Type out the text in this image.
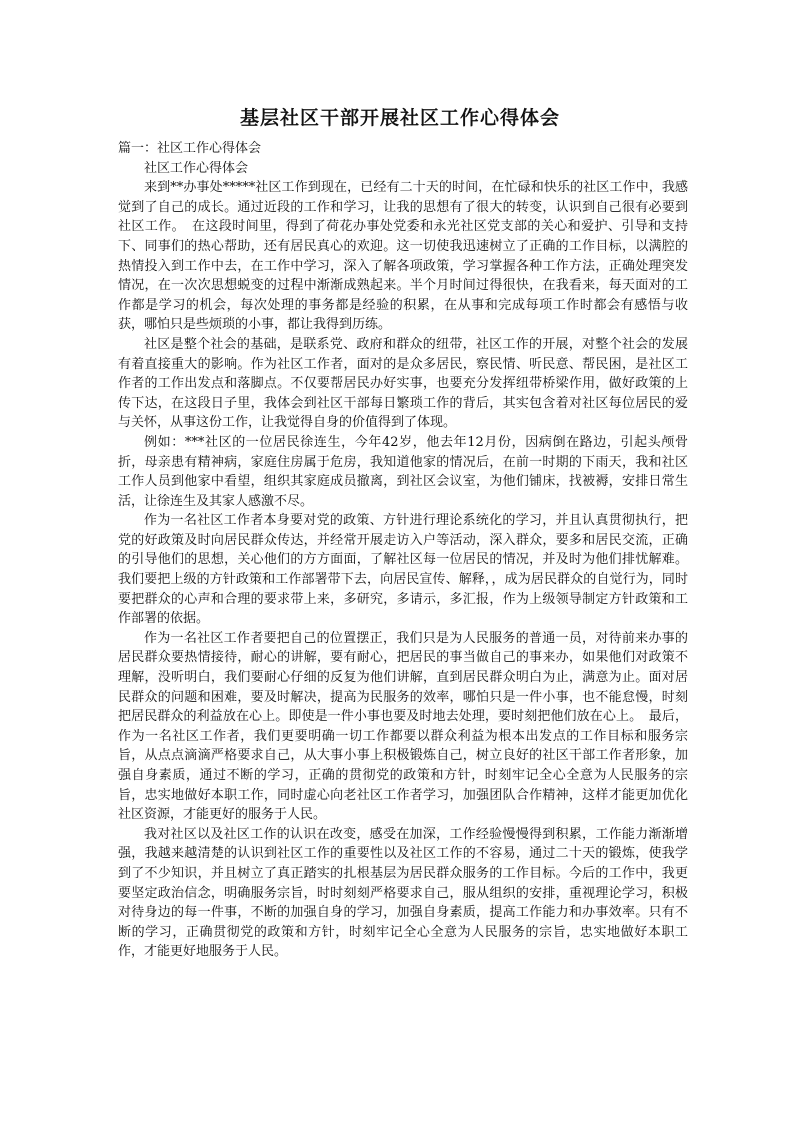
基层社区干部开展社区工作心得体会

篇一：社区工作心得体会

社区工作心得体会

来到**办事处*****社区工作到现在，已经有二十天的时间，在忙碌和快乐的社区工作中，我感觉到了自己的成长。通过近段的工作和学习，让我的思想有了很大的转变，认识到自己很有必要到社区工作。　在这段时间里，得到了荷花办事处党委和永光社区党支部的关心和爱护、引导和支持下、同事们的热心帮助，还有居民真心的欢迎。这一切使我迅速树立了正确的工作目标，以满腔的热情投入到工作中去，在工作中学习，深入了解各项政策，学习掌握各种工作方法，正确处理突发情况，在一次次思想蜕变的过程中渐渐成熟起来。半个月时间过得很快，在我看来，每天面对的工作都是学习的机会，每次处理的事务都是经验的积累，在从事和完成每项工作时都会有感悟与收获，哪怕只是些烦琐的小事，都让我得到历练。

社区是整个社会的基础，是联系党、政府和群众的纽带，社区工作的开展，对整个社会的发展有着直接重大的影响。作为社区工作者，面对的是众多居民，察民情、听民意、帮民困，是社区工作者的工作出发点和落脚点。不仅要帮居民办好实事，也要充分发挥纽带桥梁作用，做好政策的上传下达，在这段日子里，我体会到社区干部每日繁琐工作的背后，其实包含着对社区每位居民的爱与关怀，从事这份工作，让我觉得自身的价值得到了体现。

例如：***社区的一位居民徐连生，今年42岁，他去年12月份，因病倒在路边，引起头颅骨折，母亲患有精神病，家庭住房属于危房，我知道他家的情况后，在前一时期的下雨天，我和社区工作人员到他家中看望，组织其家庭成员撤离，到社区会议室，为他们铺床，找被褥，安排日常生活，让徐连生及其家人感激不尽。

作为一名社区工作者本身要对党的政策、方针进行理论系统化的学习，并且认真贯彻执行，把党的好政策及时向居民群众传达，并经常开展走访入户等活动，深入群众，要多和居民交流，正确的引导他们的思想，关心他们的方方面面，了解社区每一位居民的情况，并及时为他们排忧解难。我们要把上级的方针政策和工作部署带下去，向居民宣传、解释，，成为居民群众的自觉行为，同时要把群众的心声和合理的要求带上来，多研究，多请示，多汇报，作为上级领导制定方针政策和工作部署的依据。

作为一名社区工作者要把自己的位置摆正，我们只是为人民服务的普通一员，对待前来办事的居民群众要热情接待，耐心的讲解，要有耐心，把居民的事当做自己的事来办，如果他们对政策不理解，没听明白，我们要耐心仔细的反复为他们讲解，直到居民群众明白为止，满意为止。面对居民群众的问题和困难，要及时解决，提高为民服务的效率，哪怕只是一件小事，也不能怠慢，时刻把居民群众的利益放在心上。即使是一件小事也要及时地去处理，要时刻把他们放在心上。　最后，作为一名社区工作者，我们更要明确一切工作都要以群众利益为根本出发点的工作目标和服务宗旨，从点点滴滴严格要求自己，从大事小事上积极锻炼自己，树立良好的社区干部工作者形象，加强自身素质，通过不断的学习，正确的贯彻党的政策和方针，时刻牢记全心全意为人民服务的宗旨，忠实地做好本职工作，同时虚心向老社区工作者学习，加强团队合作精神，这样才能更加优化社区资源，才能更好的服务于人民。

我对社区以及社区工作的认识在改变，感受在加深，工作经验慢慢得到积累，工作能力渐渐增强，我越来越清楚的认识到社区工作的重要性以及社区工作的不容易，通过二十天的锻炼，使我学到了不少知识，并且树立了真正踏实的扎根基层为居民群众服务的工作目标。今后的工作中，我更要坚定政治信念，明确服务宗旨，时时刻刻严格要求自己，服从组织的安排，重视理论学习，积极对待身边的每一件事，不断的加强自身的学习，加强自身素质，提高工作能力和办事效率。只有不断的学习，正确贯彻党的政策和方针，时刻牢记全心全意为人民服务的宗旨，忠实地做好本职工作，才能更好地服务于人民。
